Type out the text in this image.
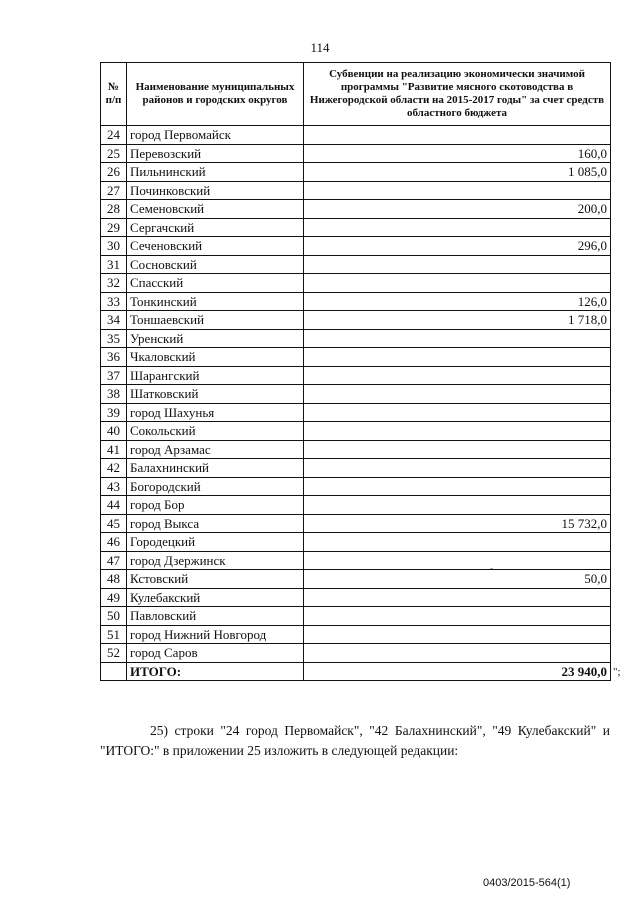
114
№ п/п	Наименование муниципальных районов и городских округов	Субвенции на реализацию экономически значимой программы "Развитие мясного скотоводства в Нижегородской области на 2015-2017 годы" за счет средств областного бюджета
24	город Первомайск	
25	Перевозский	160,0
26	Пильнинский	1 085,0
27	Починковский	
28	Семеновский	200,0
29	Сергачский	
30	Сеченовский	296,0
31	Сосновский	
32	Спасский	
33	Тонкинский	126,0
34	Тоншаевский	1 718,0
35	Уренский	
36	Чкаловский	
37	Шарангский	
38	Шатковский	
39	город Шахунья	
40	Сокольский	
41	город Арзамас	
42	Балахнинский	
43	Богородский	
44	город Бор	
45	город Выкса	15 732,0
46	Городецкий	
47	город Дзержинск	
48	Кстовский	50,0
49	Кулебакский	
50	Павловский	
51	город Нижний Новгород	
52	город Саров	
	ИТОГО:	23 940,0
-
";
25) строки "24 город Первомайск", "42 Балахнинский", "49 Кулебакский" и "ИТОГО:" в приложении 25 изложить в следующей редакции:
0403/2015-564(1)
